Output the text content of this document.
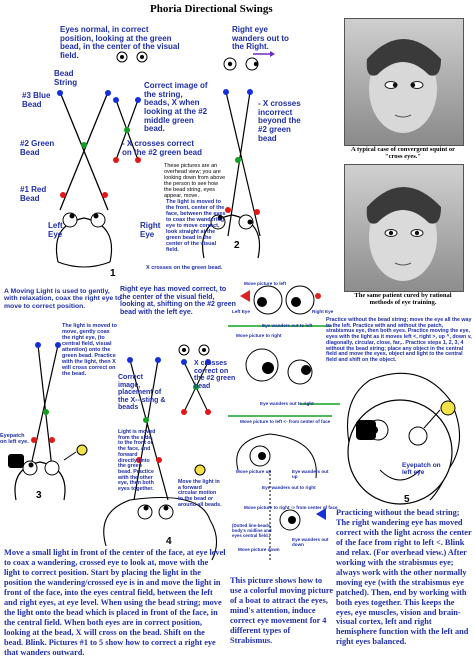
Phoria Directional Swings
Eyes normal, in correct position, looking at the green bead, in the center of the visual field.
Bead String
#3 Blue Bead
#2 Green Bead
#1 Red Bead
Left Eye
Right Eye
Correct image of the string, beads, X when looking at the #2 middle green bead.
- X crosses correct on the #2 green bead
These pictures are an overhead view; you are looking down from above the person to see how the bead string, eyes appear, move.
The light is moved to the front, center of the face, between the eyes to coax the wandering eye to move correct, look straight at the green bead in the center of the visual field.
X crosses on the green bead.
1
Right eye wanders out to the Right.
- X crosses incorrect beyond the #2 green bead
2
A Moving Light is used to gently, with relaxation, coax the right eye to move to correct position.
The light is moved to move, gently coax the right eye, (to central field, visual attention) onto the green bead. Practice with the light, then X will cross correct on the bead.
Eyepatch on left eye.
3
Right eye has moved correct, to the center of the visual field, looking at, shifting on the #2 green bead with the left eye.
Correct image, placement of the X-- sting & beads
X crosses correct on the #2 green bead
Light is moved from the side, to the front of the face, and forward directly onto the green bead. Practice with the other eye, then both eyes together.
Move the light in a forward circular motion to the bead or around all beads.
4
Move picture to left
Left Eye	Right Eye
Eye wanders out to left
Move picture to right
Eye wanders out to right
Move picture to left <- from center of face
Eye wanders out to right
Move picture to right -> from center of face
(Dotted line-beads, body's midline and eyes central field.)
Move picture up
Move picture down
Eye wanders out down
Eye wanders out up
Practice without the bead string; move the eye all the way to the left. Practice with and without the patch, strabismus eye, then both eyes. Practice moving the eye, eyes with the light as it moves left <, right >, up ^, down v, diagonally, circular, close, far,.. Practice steps 1, 2, 3, 4 without the bead string; place any object in the central field and move the eyes, object and light to the central field and shift on the object.
A typical case of convergent squint or "cross eyes."
The same patient cured by rational methods of eye training.
Eyepatch on left eye
5
Move a small light in front of the center of the face, at eye level to coax a wandering, crossed eye to look at, move with the light to correct position. Start by placing the light in the position the wandering/crossed eye is in and move the light in front of the face, into the eyes central field, between the left and right eyes, at eye level. When using the bead string; move the light onto the bead which is placed in front of the face, in the central field. When both eyes are in correct position, looking at the bead, X will cross on the bead. Shift on the bead. Blink. Pictures #1 to 5 show how to correct a right eye that wanders outward.
This picture shows how to use a colorful moving picture of a boat to attract the eyes, mind's attention, induce correct eye movement for 4 different types of Strabismus.
Practicing without the bead string; The right wandering eye has moved correct with the light across the center of the face from right to left <. Blink and relax. (For overhead view.) After working with the strabismus eye; always work with the other normally moving eye (with the strabismus eye patched). Then, end by working with both eyes together. This keeps the eyes, eye muscles, vision and brain-visual cortex, left and right hemisphere function with the left and right eyes balanced.
